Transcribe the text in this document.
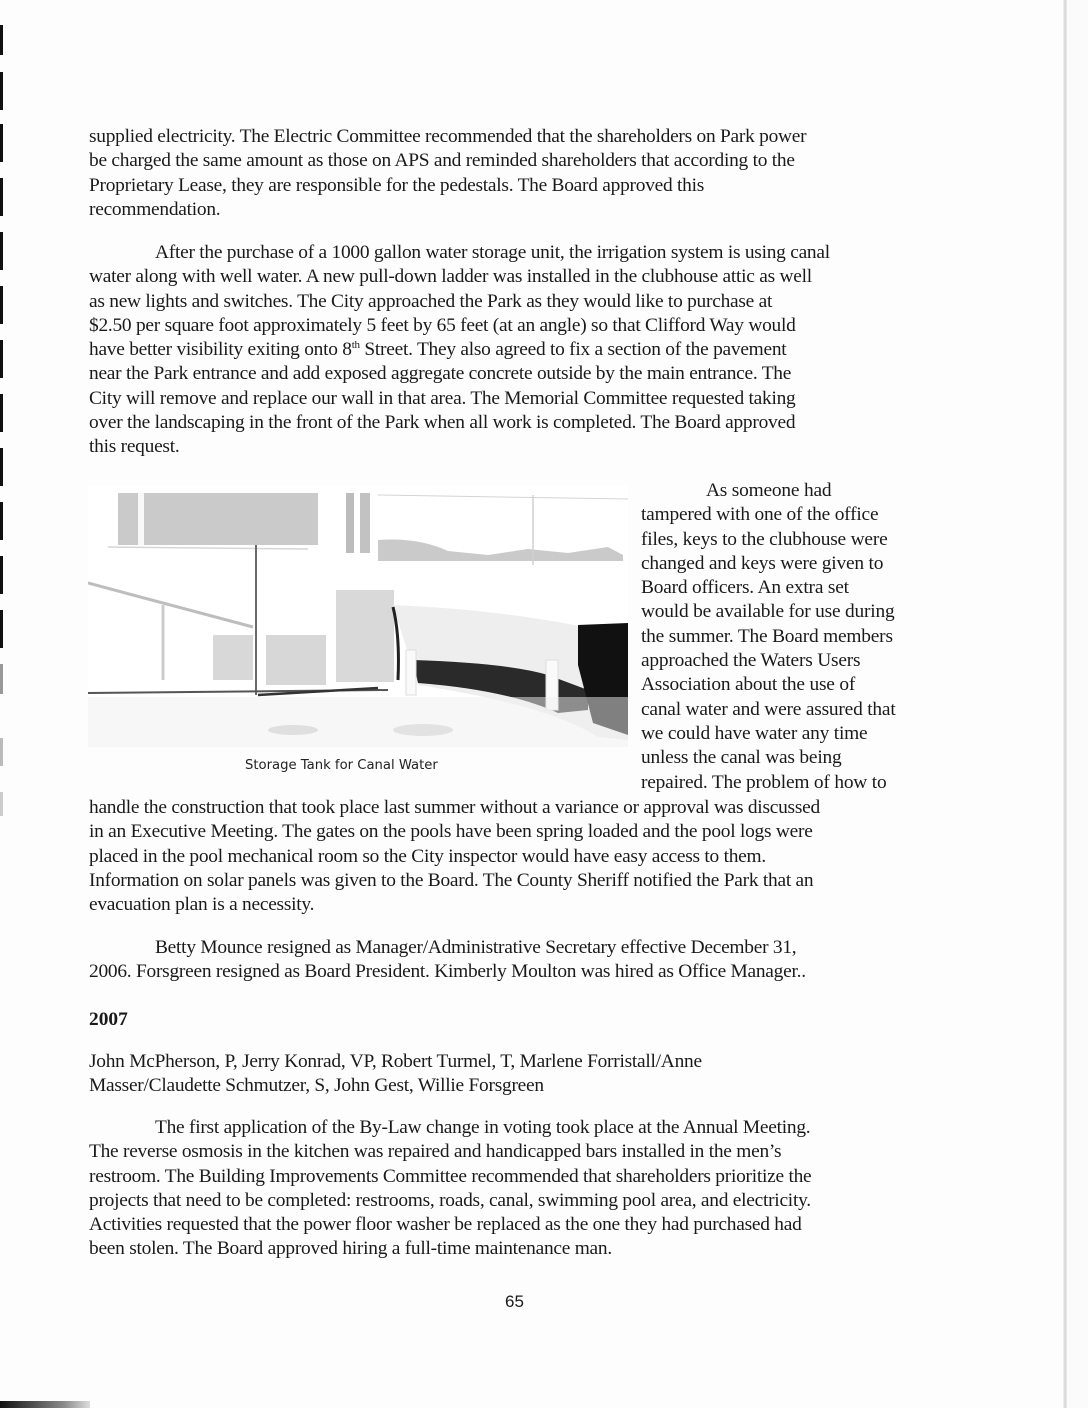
supplied electricity. The Electric Committee recommended that the shareholders on Park power
be charged the same amount as those on APS and reminded shareholders that according to the
Proprietary Lease, they are responsible for the pedestals. The Board approved this
recommendation.
After the purchase of a 1000 gallon water storage unit, the irrigation system is using canal
water along with well water. A new pull-down ladder was installed in the clubhouse attic as well
as new lights and switches. The City approached the Park as they would like to purchase at
$2.50 per square foot approximately 5 feet by 65 feet (at an angle) so that Clifford Way would
have better visibility exiting onto 8th Street. They also agreed to fix a section of the pavement
near the Park entrance and add exposed aggregate concrete outside by the main entrance. The
City will remove and replace our wall in that area. The Memorial Committee requested taking
over the landscaping in the front of the Park when all work is completed. The Board approved
this request.

Storage Tank for Canal Water

As someone had
tampered with one of the office
files, keys to the clubhouse were
changed and keys were given to
Board officers. An extra set
would be available for use during
the summer. The Board members
approached the Waters Users
Association about the use of
canal water and were assured that
we could have water any time
unless the canal was being
repaired. The problem of how to
handle the construction that took place last summer without a variance or approval was discussed
in an Executive Meeting. The gates on the pools have been spring loaded and the pool logs were
placed in the pool mechanical room so the City inspector would have easy access to them.
Information on solar panels was given to the Board. The County Sheriff notified the Park that an
evacuation plan is a necessity.
Betty Mounce resigned as Manager/Administrative Secretary effective December 31,
2006. Forsgreen resigned as Board President. Kimberly Moulton was hired as Office Manager..
2007
John McPherson, P, Jerry Konrad, VP, Robert Turmel, T, Marlene Forristall/Anne
Masser/Claudette Schmutzer, S, John Gest, Willie Forsgreen
The first application of the By-Law change in voting took place at the Annual Meeting.
The reverse osmosis in the kitchen was repaired and handicapped bars installed in the men’s
restroom. The Building Improvements Committee recommended that shareholders prioritize the
projects that need to be completed: restrooms, roads, canal, swimming pool area, and electricity.
Activities requested that the power floor washer be replaced as the one they had purchased had
been stolen. The Board approved hiring a full-time maintenance man.

65
